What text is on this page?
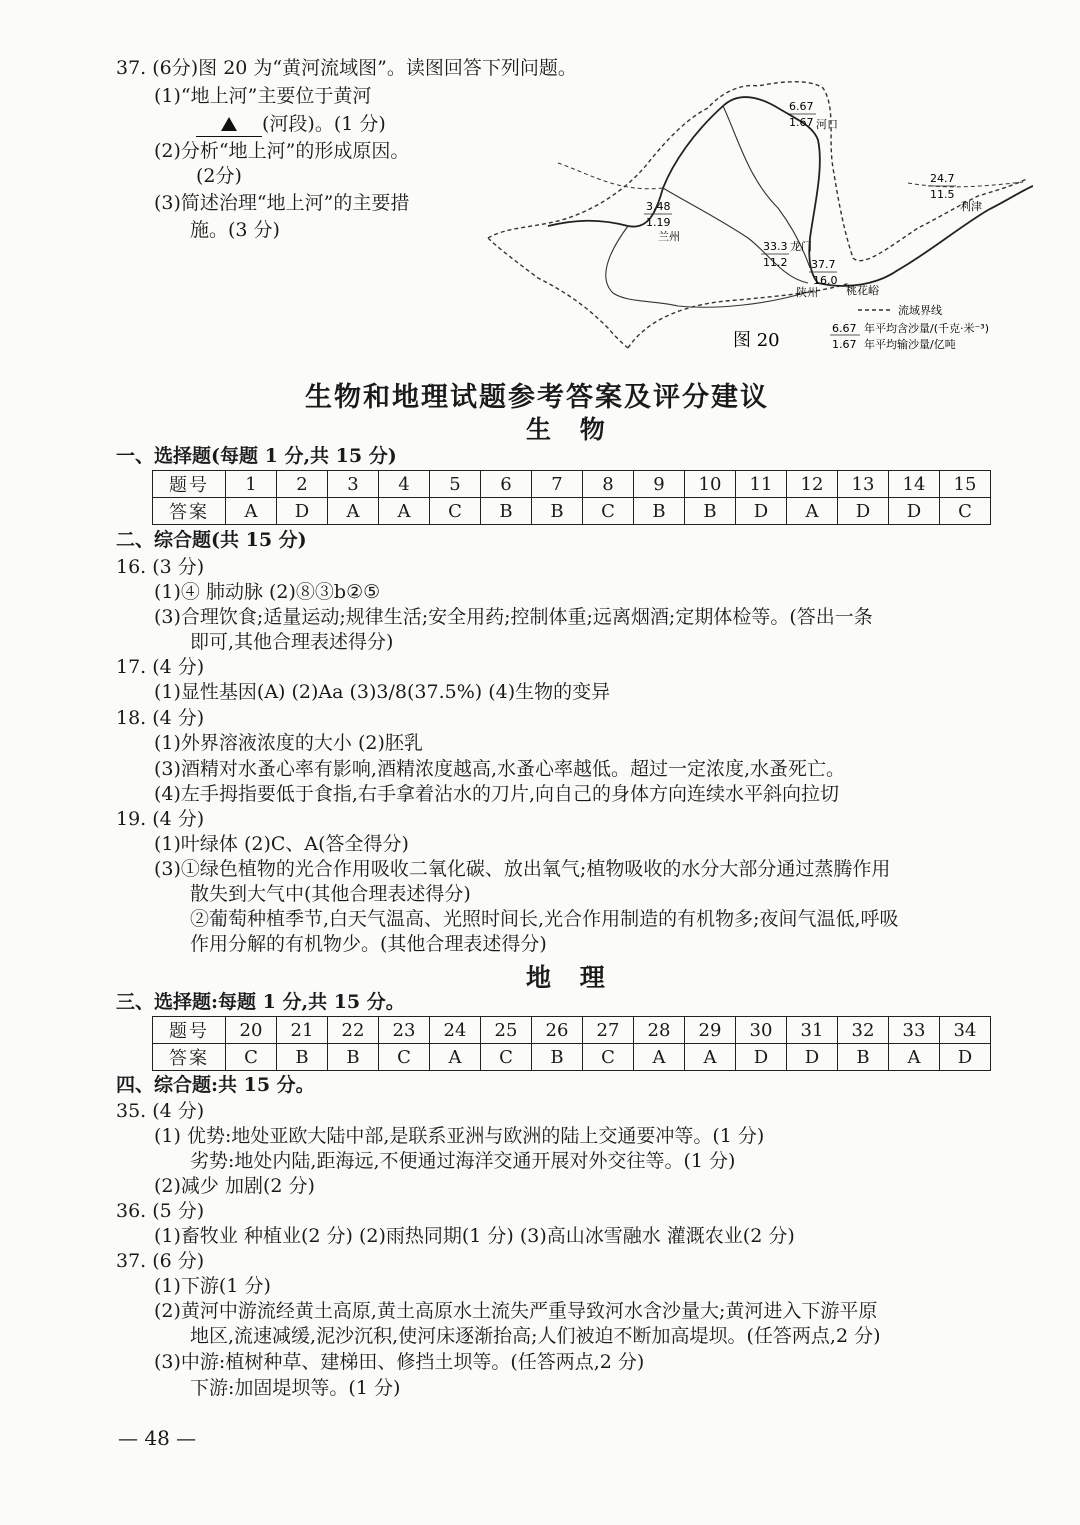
37. (6分)图 20 为“黄河流域图”。读图回答下列问题。
(1)“地上河”主要位于黄河
(河段)。(1 分)
(2)分析“地上河”的形成原因。
(2分)
(3)简述治理“地上河”的主要措
施。(3 分)
6.67
1.67 河口
3.48
1.19
兰州
33.3
11.2
龙门
37.7
16.0
陕州	桃花峪
24.7
11.5
利津
流域界线
6.67
1.67
年平均含沙量/(千克·米⁻³)
年平均输沙量/亿吨
图 20
生物和地理试题参考答案及评分建议
生 物
一、选择题(每题 1 分,共 15 分)
题号	1	2	3	4	5	6	7	8	9	10	11	12	13	14	15
答案	A	D	A	A	C	B	B	C	B	B	D	A	D	D	C
二、综合题(共 15 分)
16. (3 分)
(1)④ 肺动脉 (2)⑧③b②⑤
(3)合理饮食;适量运动;规律生活;安全用药;控制体重;远离烟酒;定期体检等。(答出一条
即可,其他合理表述得分)
17. (4 分)
(1)显性基因(A) (2)Aa (3)3/8(37.5%) (4)生物的变异
18. (4 分)
(1)外界溶液浓度的大小 (2)胚乳
(3)酒精对水蚤心率有影响,酒精浓度越高,水蚤心率越低。超过一定浓度,水蚤死亡。
(4)左手拇指要低于食指,右手拿着沾水的刀片,向自己的身体方向连续水平斜向拉切
19. (4 分)
(1)叶绿体 (2)C、A(答全得分)
(3)①绿色植物的光合作用吸收二氧化碳、放出氧气;植物吸收的水分大部分通过蒸腾作用
散失到大气中(其他合理表述得分)
②葡萄种植季节,白天气温高、光照时间长,光合作用制造的有机物多;夜间气温低,呼吸
作用分解的有机物少。(其他合理表述得分)
地 理
三、选择题:每题 1 分,共 15 分。
题号	20	21	22	23	24	25	26	27	28	29	30	31	32	33	34
答案	C	B	B	C	A	C	B	C	A	A	D	D	B	A	D
四、综合题:共 15 分。
35. (4 分)
(1) 优势:地处亚欧大陆中部,是联系亚洲与欧洲的陆上交通要冲等。(1 分)
劣势:地处内陆,距海远,不便通过海洋交通开展对外交往等。(1 分)
(2)减少 加剧(2 分)
36. (5 分)
(1)畜牧业 种植业(2 分) (2)雨热同期(1 分) (3)高山冰雪融水 灌溉农业(2 分)
37. (6 分)
(1)下游(1 分)
(2)黄河中游流经黄土高原,黄土高原水土流失严重导致河水含沙量大;黄河进入下游平原
地区,流速减缓,泥沙沉积,使河床逐渐抬高;人们被迫不断加高堤坝。(任答两点,2 分)
(3)中游:植树种草、建梯田、修挡土坝等。(任答两点,2 分)
下游:加固堤坝等。(1 分)
— 48 —
